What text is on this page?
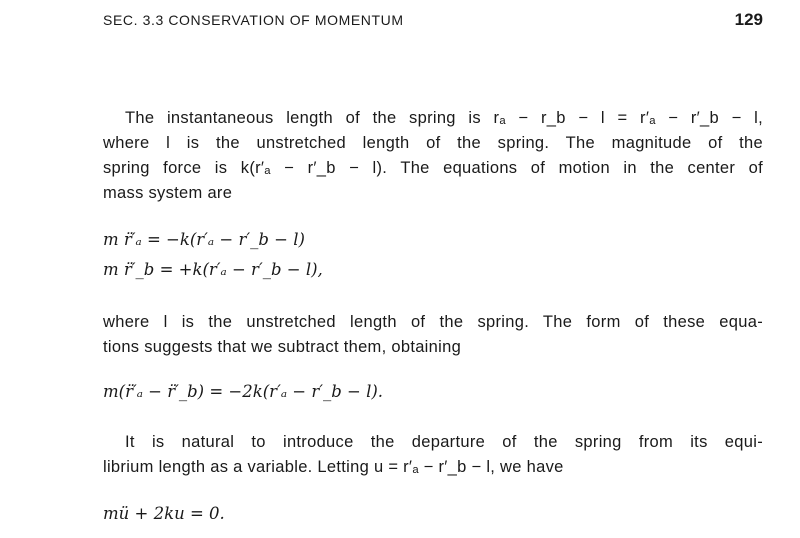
SEC. 3.3 CONSERVATION OF MOMENTUM	129
The instantaneous length of the spring is rₐ − r_b − l = r′ₐ − r′_b − l,
where l is the unstretched length of the spring. The magnitude of the
spring force is k(r′ₐ − r′_b − l). The equations of motion in the center of
mass system are
m r̈′ₐ = −k(r′ₐ − r′_b − l)
m r̈′_b = +k(r′ₐ − r′_b − l),
where l is the unstretched length of the spring. The form of these equa-
tions suggests that we subtract them, obtaining
m(r̈′ₐ − r̈′_b) = −2k(r′ₐ − r′_b − l).
It is natural to introduce the departure of the spring from its equi-
librium length as a variable. Letting u = r′ₐ − r′_b − l, we have
mü + 2ku = 0.
